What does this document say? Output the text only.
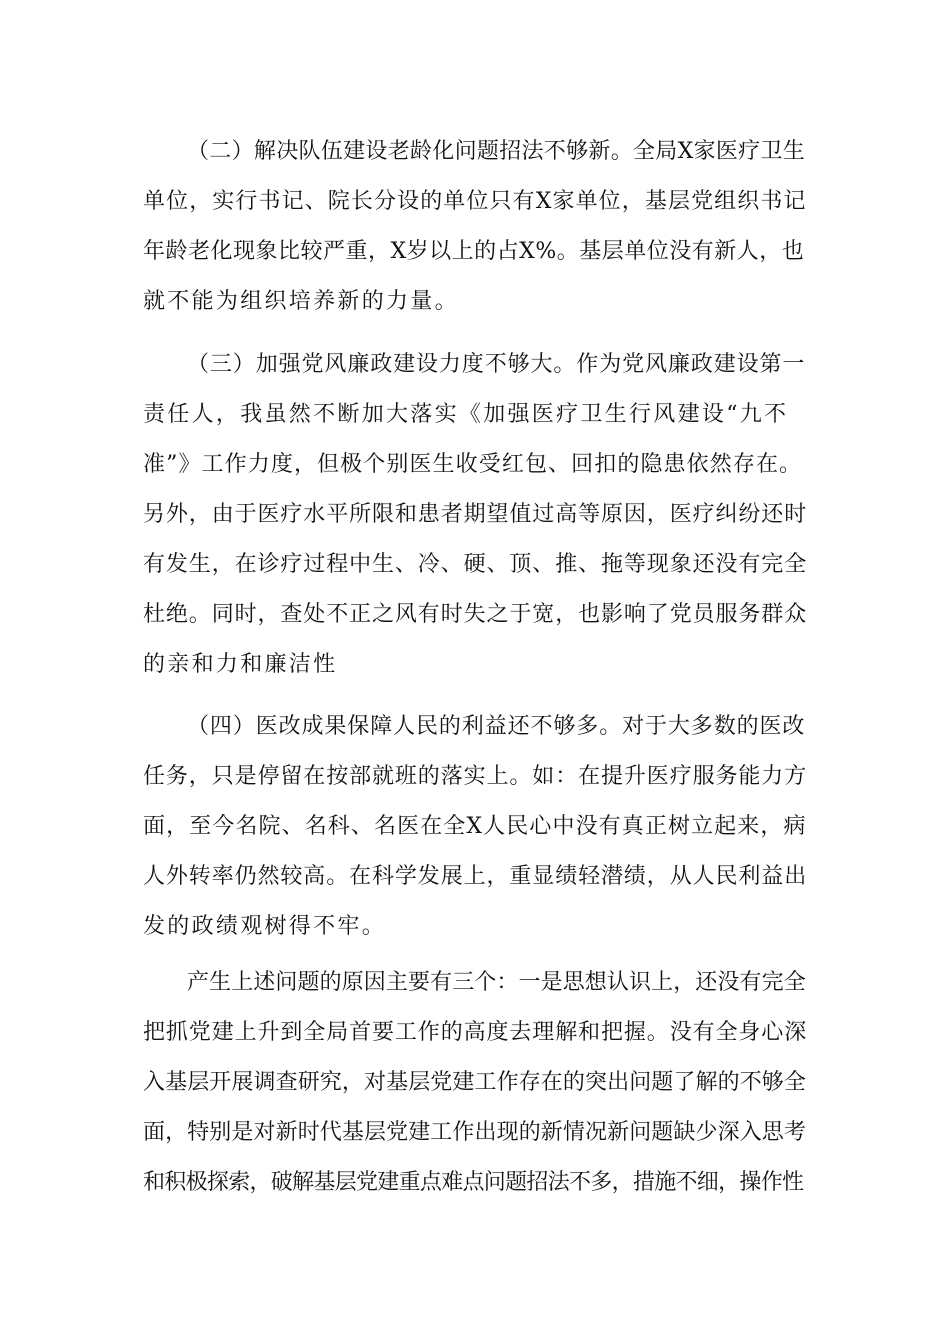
（二）解决队伍建设老龄化问题招法不够新。全局X家医疗卫生
单位，实行书记、院长分设的单位只有X家单位，基层党组织书记
年龄老化现象比较严重，X岁以上的占X%。基层单位没有新人，也
就不能为组织培养新的力量。
（三）加强党风廉政建设力度不够大。作为党风廉政建设第一
责任人，我虽然不断加大落实《加强医疗卫生行风建设“九不
准”》工作力度，但极个别医生收受红包、回扣的隐患依然存在。
另外，由于医疗水平所限和患者期望值过高等原因，医疗纠纷还时
有发生，在诊疗过程中生、冷、硬、顶、推、拖等现象还没有完全
杜绝。同时，查处不正之风有时失之于宽，也影响了党员服务群众
的亲和力和廉洁性
（四）医改成果保障人民的利益还不够多。对于大多数的医改
任务，只是停留在按部就班的落实上。如：在提升医疗服务能力方
面，至今名院、名科、名医在全X人民心中没有真正树立起来，病
人外转率仍然较高。在科学发展上，重显绩轻潜绩，从人民利益出
发的政绩观树得不牢。
产生上述问题的原因主要有三个：一是思想认识上，还没有完全
把抓党建上升到全局首要工作的高度去理解和把握。没有全身心深
入基层开展调查研究，对基层党建工作存在的突出问题了解的不够全
面，特别是对新时代基层党建工作出现的新情况新问题缺少深入思考
和积极探索，破解基层党建重点难点问题招法不多，措施不细，操作性
